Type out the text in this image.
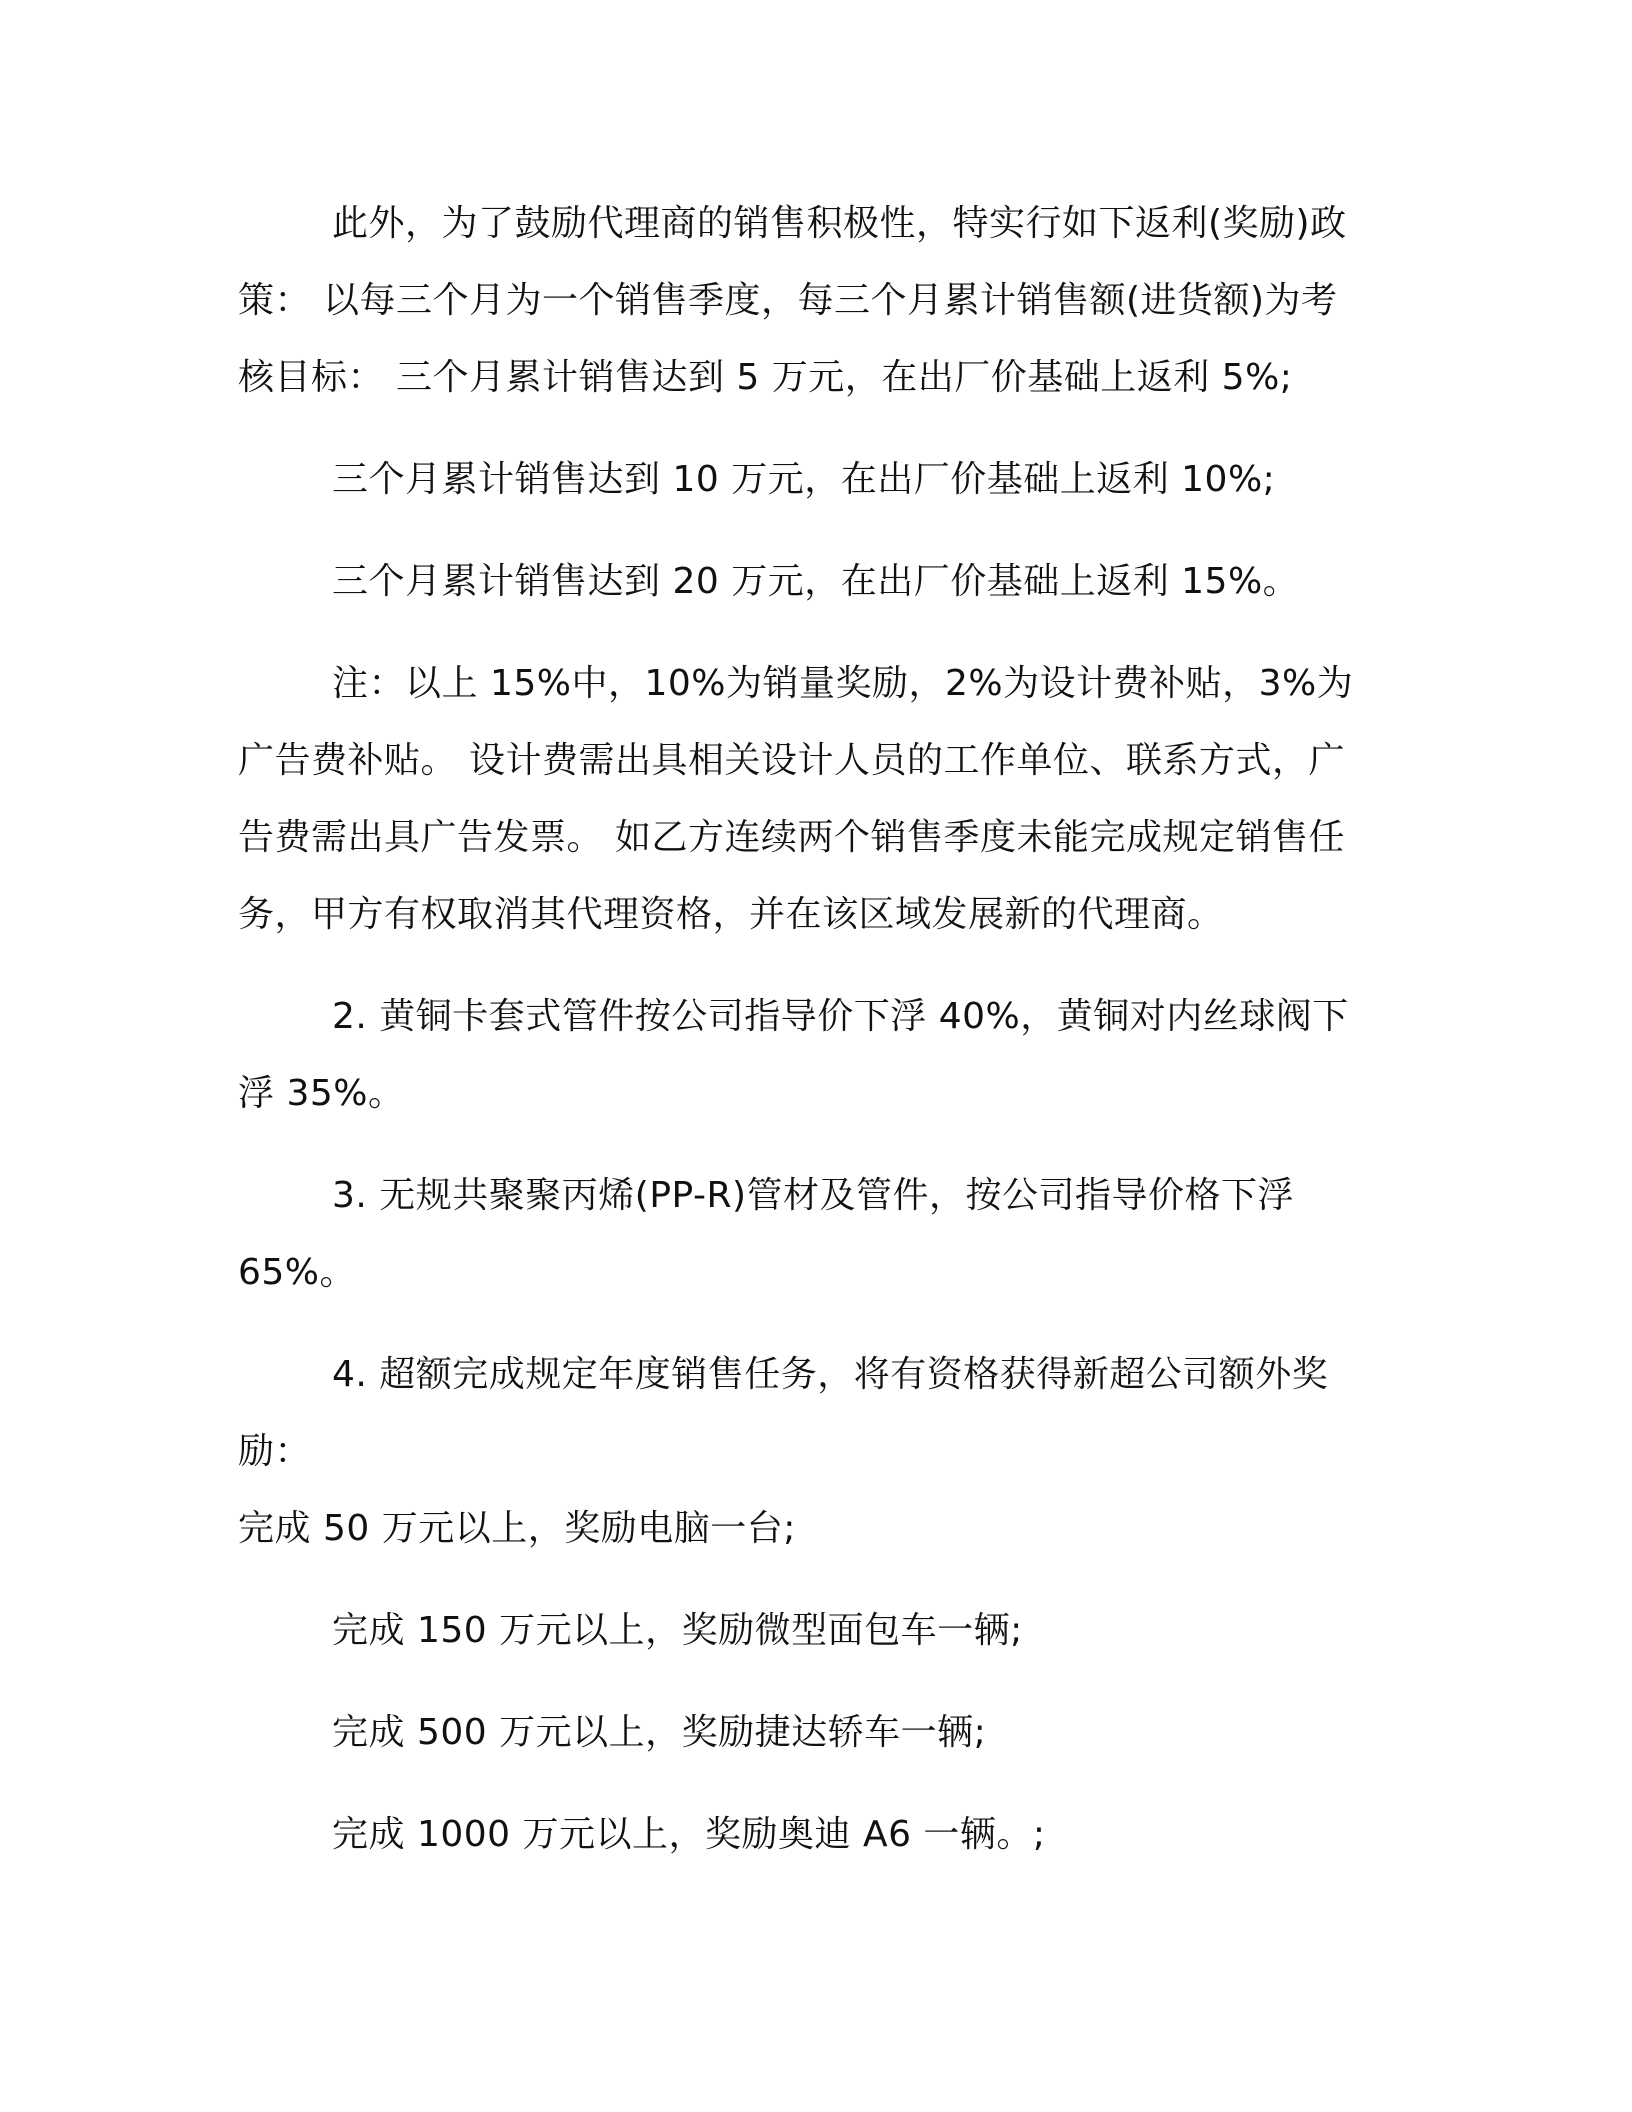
此外，为了鼓励代理商的销售积极性，特实行如下返利(奖励)政
策： 以每三个月为一个销售季度，每三个月累计销售额(进货额)为考
核目标： 三个月累计销售达到 5 万元，在出厂价基础上返利 5%;

三个月累计销售达到 10 万元，在出厂价基础上返利 10%;

三个月累计销售达到 20 万元，在出厂价基础上返利 15%。

注：以上 15%中，10%为销量奖励，2%为设计费补贴，3%为
广告费补贴。 设计费需出具相关设计人员的工作单位、联系方式，广
告费需出具广告发票。 如乙方连续两个销售季度未能完成规定销售任
务，甲方有权取消其代理资格，并在该区域发展新的代理商。

2. 黄铜卡套式管件按公司指导价下浮 40%，黄铜对内丝球阀下
浮 35%。

3. 无规共聚聚丙烯(PP-R)管材及管件，按公司指导价格下浮
65%。

4. 超额完成规定年度销售任务，将有资格获得新超公司额外奖励：
完成 50 万元以上，奖励电脑一台;

完成 150 万元以上，奖励微型面包车一辆;

完成 500 万元以上，奖励捷达轿车一辆;

完成 1000 万元以上，奖励奥迪 A6 一辆。;
